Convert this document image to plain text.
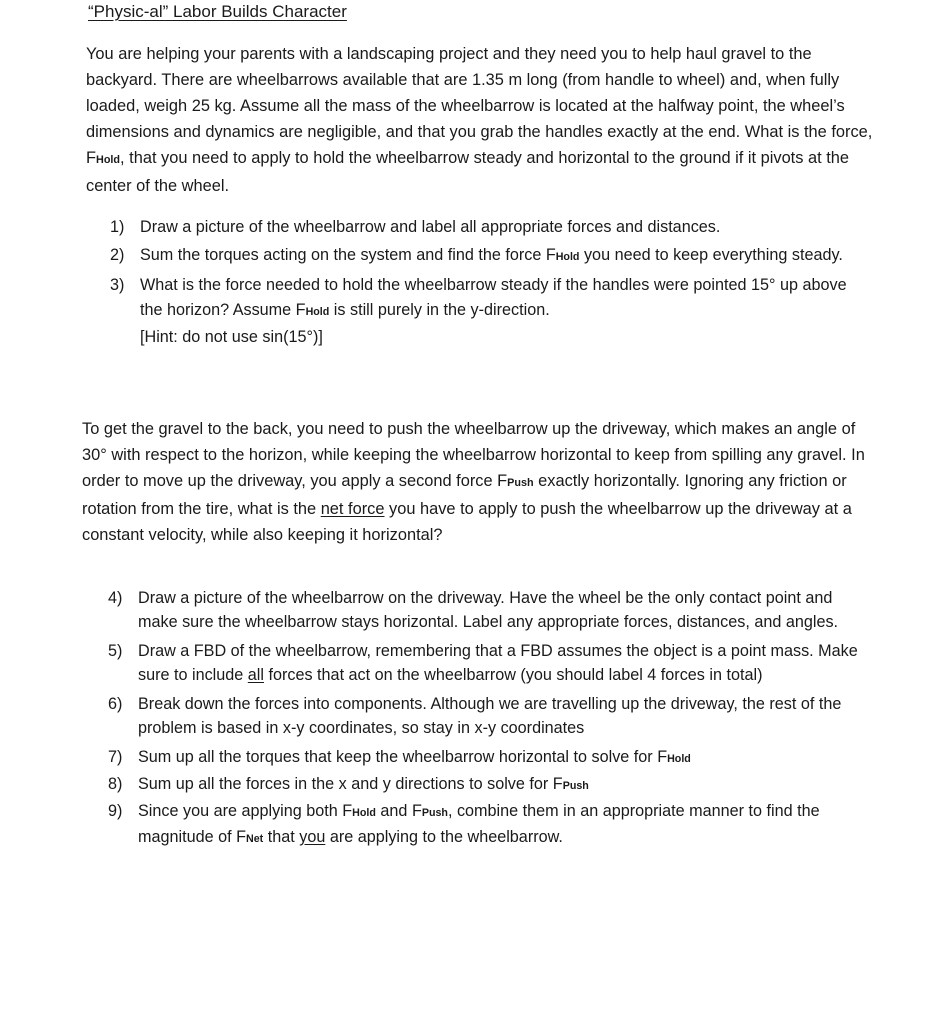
“Physic-al” Labor Builds Character

You are helping your parents with a landscaping project and they need you to help haul gravel to the backyard. There are wheelbarrows available that are 1.35 m long (from handle to wheel) and, when fully loaded, weigh 25 kg. Assume all the mass of the wheelbarrow is located at the halfway point, the wheel’s dimensions and dynamics are negligible, and that you grab the handles exactly at the end. What is the force, FHold, that you need to apply to hold the wheelbarrow steady and horizontal to the ground if it pivots at the center of the wheel.

1) Draw a picture of the wheelbarrow and label all appropriate forces and distances.
2) Sum the torques acting on the system and find the force FHold you need to keep everything steady.
3) What is the force needed to hold the wheelbarrow steady if the handles were pointed 15° up above the horizon? Assume FHold is still purely in the y-direction.
[Hint: do not use sin(15°)]

To get the gravel to the back, you need to push the wheelbarrow up the driveway, which makes an angle of 30° with respect to the horizon, while keeping the wheelbarrow horizontal to keep from spilling any gravel. In order to move up the driveway, you apply a second force FPush exactly horizontally. Ignoring any friction or rotation from the tire, what is the net force you have to apply to push the wheelbarrow up the driveway at a constant velocity, while also keeping it horizontal?

4) Draw a picture of the wheelbarrow on the driveway. Have the wheel be the only contact point and make sure the wheelbarrow stays horizontal. Label any appropriate forces, distances, and angles.
5) Draw a FBD of the wheelbarrow, remembering that a FBD assumes the object is a point mass. Make sure to include all forces that act on the wheelbarrow (you should label 4 forces in total)
6) Break down the forces into components. Although we are travelling up the driveway, the rest of the problem is based in x-y coordinates, so stay in x-y coordinates
7) Sum up all the torques that keep the wheelbarrow horizontal to solve for FHold
8) Sum up all the forces in the x and y directions to solve for FPush
9) Since you are applying both FHold and FPush, combine them in an appropriate manner to find the magnitude of FNet that you are applying to the wheelbarrow.
